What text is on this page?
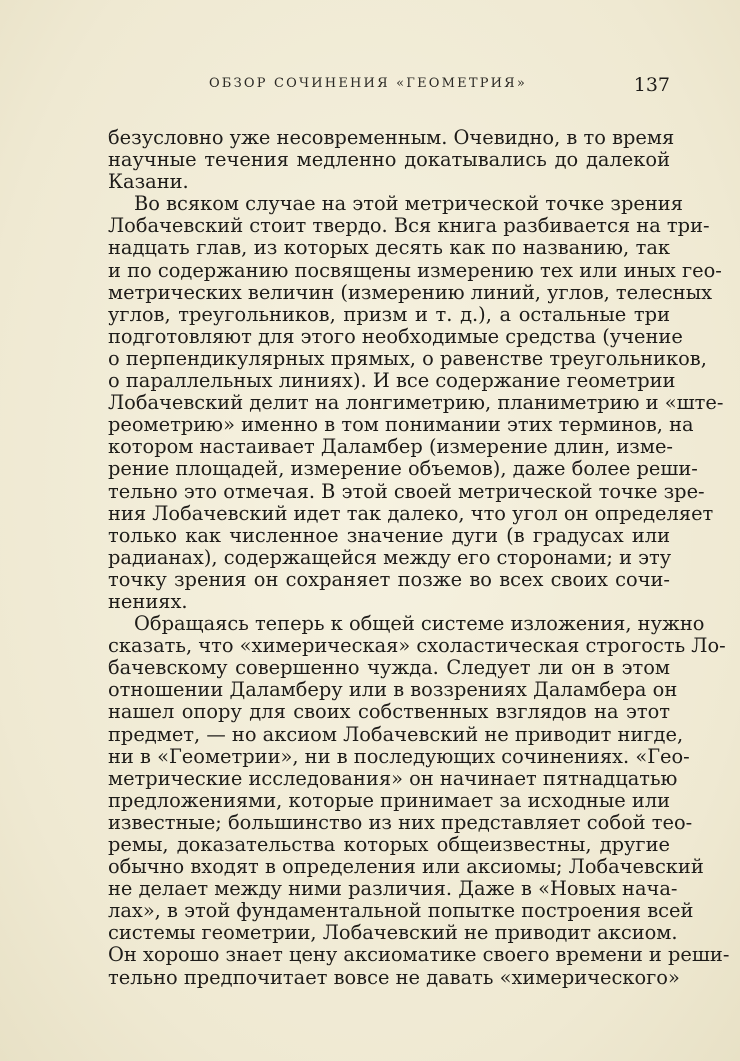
ОБЗОР СОЧИНЕНИЯ «ГЕОМЕТРИЯ»	137
безусловно уже несовременным. Очевидно, в то время
научные течения медленно докатывались до далекой
Казани.
Во всяком случае на этой метрической точке зрения
Лобачевский стоит твердо. Вся книга разбивается на три-
надцать глав, из которых десять как по названию, так
и по содержанию посвящены измерению тех или иных гео-
метрических величин (измерению линий, углов, телесных
углов, треугольников, призм и т. д.), а остальные три
подготовляют для этого необходимые средства (учение
о перпендикулярных прямых, о равенстве треугольников,
о параллельных линиях). И все содержание геометрии
Лобачевский делит на лонгиметрию, планиметрию и «ште-
реометрию» именно в том понимании этих терминов, на
котором настаивает Даламбер (измерение длин, изме-
рение площадей, измерение объемов), даже более реши-
тельно это отмечая. В этой своей метрической точке зре-
ния Лобачевский идет так далеко, что угол он определяет
только как численное значение дуги (в градусах или
радианах), содержащейся между его сторонами; и эту
точку зрения он сохраняет позже во всех своих сочи-
нениях.
Обращаясь теперь к общей системе изложения, нужно
сказать, что «химерическая» схоластическая строгость Ло-
бачевскому совершенно чужда. Следует ли он в этом
отношении Даламберу или в воззрениях Даламбера он
нашел опору для своих собственных взглядов на этот
предмет, — но аксиом Лобачевский не приводит нигде,
ни в «Геометрии», ни в последующих сочинениях. «Гео-
метрические исследования» он начинает пятнадцатью
предложениями, которые принимает за исходные или
известные; большинство из них представляет собой тео-
ремы, доказательства которых общеизвестны, другие
обычно входят в определения или аксиомы; Лобачевский
не делает между ними различия. Даже в «Новых нача-
лах», в этой фундаментальной попытке построения всей
системы геометрии, Лобачевский не приводит аксиом.
Он хорошо знает цену аксиоматике своего времени и реши-
тельно предпочитает вовсе не давать «химерического»
